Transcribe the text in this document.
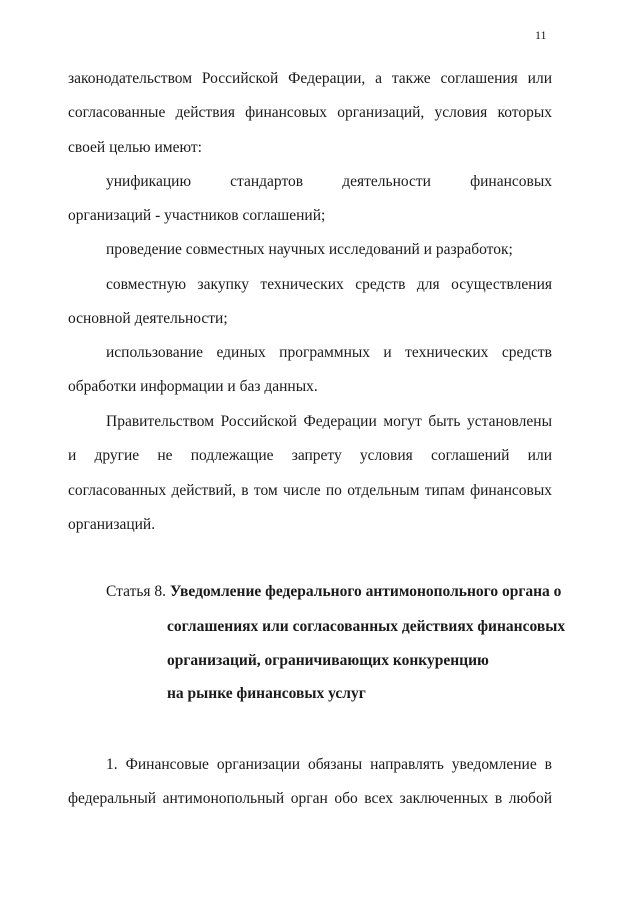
11
законодательством Российской Федерации, а также соглашения или
согласованные действия финансовых организаций, условия которых
своей целью имеют:
унификацию стандартов деятельности финансовых
организаций - участников соглашений;
проведение совместных научных исследований и разработок;
совместную закупку технических средств для осуществления
основной деятельности;
использование единых программных и технических средств
обработки информации и баз данных.
Правительством Российской Федерации могут быть установлены
и другие не подлежащие запрету условия соглашений или
согласованных действий, в том числе по отдельным типам финансовых
организаций.
Статья 8. Уведомление федерального антимонопольного органа о
соглашениях или согласованных действиях финансовых
организаций, ограничивающих конкуренцию
на рынке финансовых услуг
1. Финансовые организации обязаны направлять уведомление в
федеральный антимонопольный орган обо всех заключенных в любой
